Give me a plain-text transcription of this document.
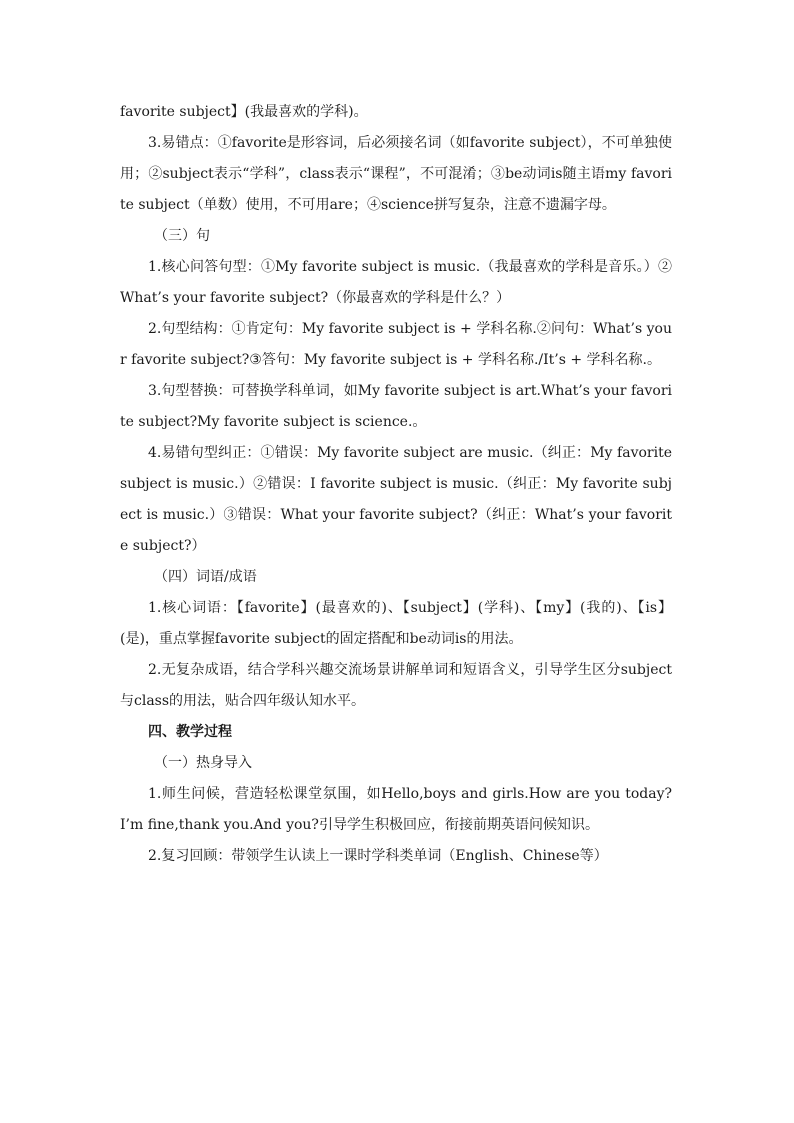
favorite subject】(我最喜欢的学科)。

3.易错点：①favorite是形容词，后必须接名词（如favorite subject），不可单独使用；②subject表示“学科”，class表示“课程”，不可混淆；③be动词is随主语my favorite subject（单数）使用，不可用are；④science拼写复杂，注意不遗漏字母。

（三）句

1.核心问答句型：①My favorite subject is music.（我最喜欢的学科是音乐。）②What’s your favorite subject?（你最喜欢的学科是什么？）

2.句型结构：①肯定句：My favorite subject is + 学科名称.②问句：What’s your favorite subject?③答句：My favorite subject is + 学科名称./It’s + 学科名称.。

3.句型替换：可替换学科单词，如My favorite subject is art.What’s your favorite subject?My favorite subject is science.。

4.易错句型纠正：①错误：My favorite subject are music.（纠正：My favorite subject is music.）②错误：I favorite subject is music.（纠正：My favorite subject is music.）③错误：What your favorite subject?（纠正：What’s your favorite subject?）

（四）词语/成语

1.核心词语：【favorite】(最喜欢的)、【subject】(学科)、【my】(我的)、【is】(是)，重点掌握favorite subject的固定搭配和be动词is的用法。

2.无复杂成语，结合学科兴趣交流场景讲解单词和短语含义，引导学生区分subject与class的用法，贴合四年级认知水平。

四、教学过程

（一）热身导入

1.师生问候，营造轻松课堂氛围，如Hello,boys and girls.How are you today?I’m fine,thank you.And you?引导学生积极回应，衔接前期英语问候知识。

2.复习回顾：带领学生认读上一课时学科类单词（English、Chinese等）
